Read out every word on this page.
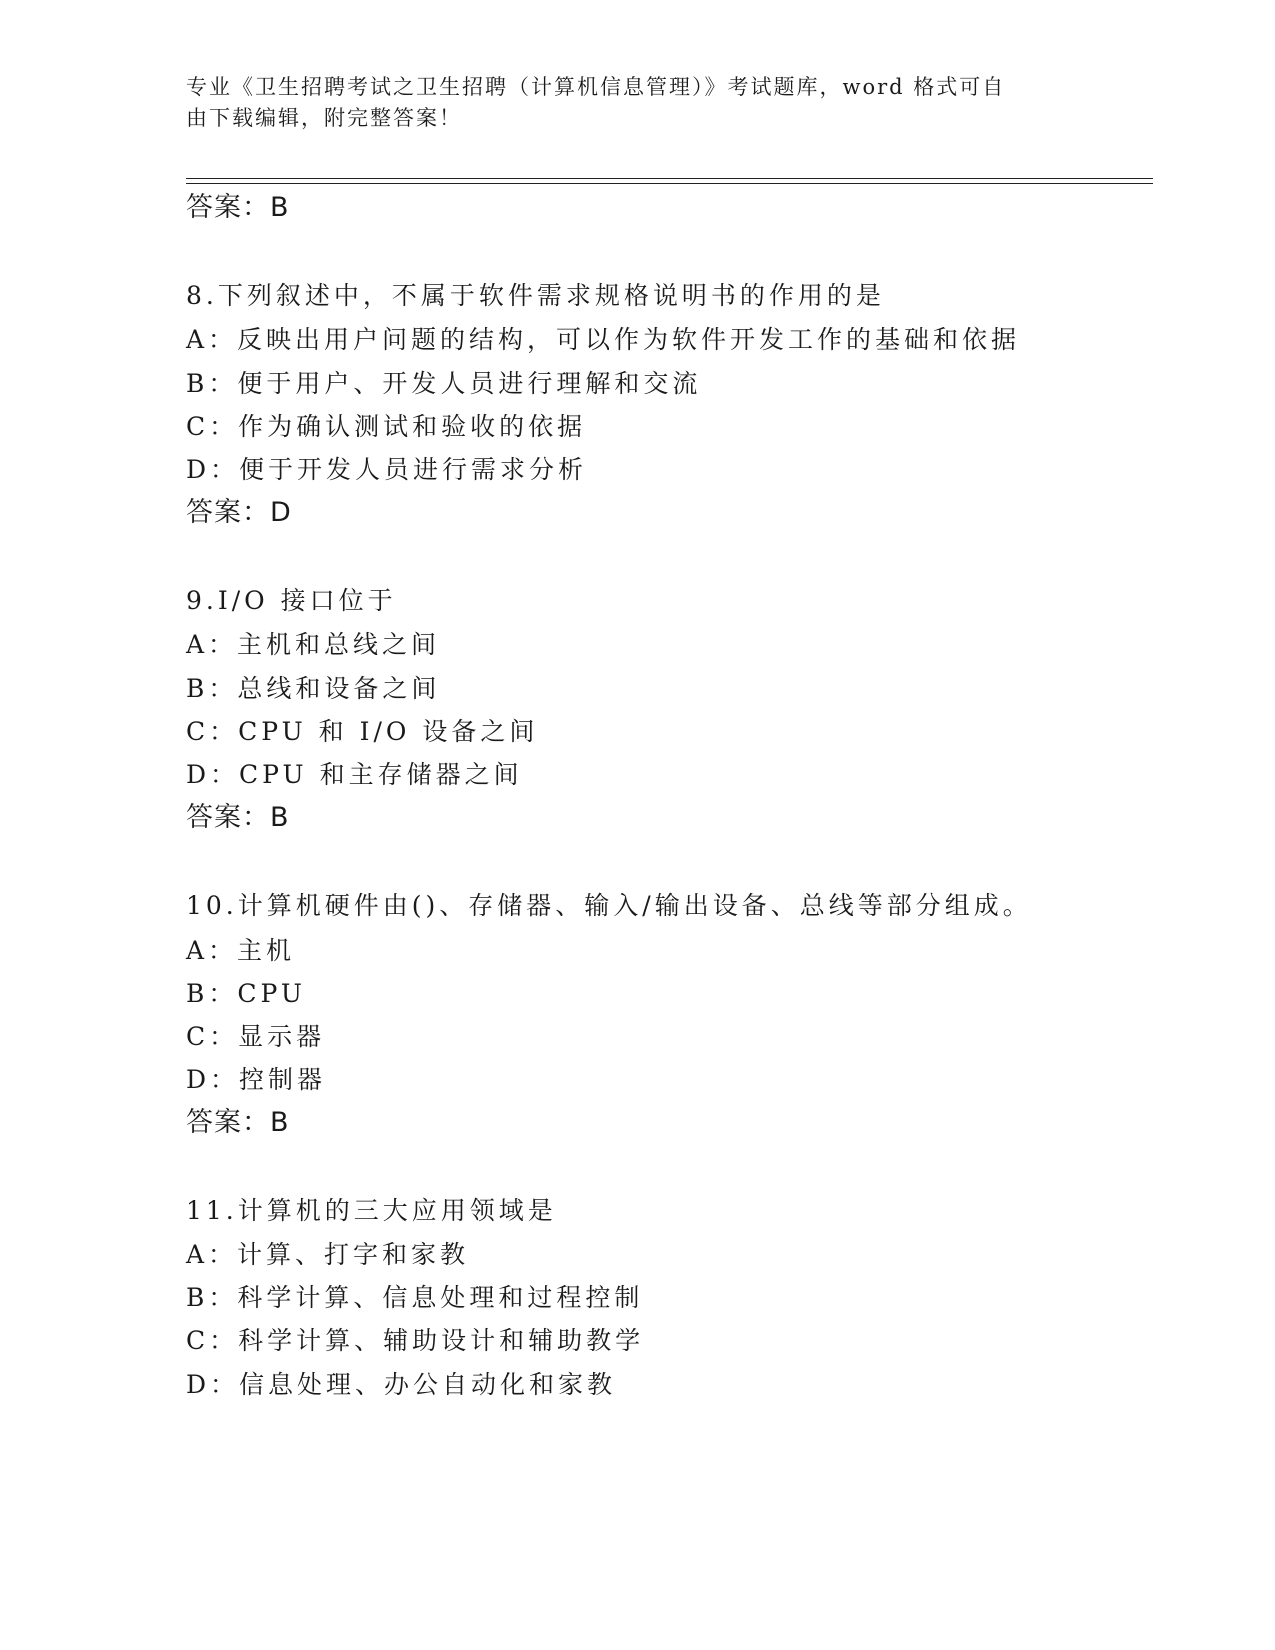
专业《卫生招聘考试之卫生招聘（计算机信息管理）》考试题库，word 格式可自
由下载编辑，附完整答案！
答案：B
8.下列叙述中，不属于软件需求规格说明书的作用的是
A：反映出用户问题的结构，可以作为软件开发工作的基础和依据
B：便于用户、开发人员进行理解和交流
C：作为确认测试和验收的依据
D：便于开发人员进行需求分析
答案：D
9.I/O 接口位于
A：主机和总线之间
B：总线和设备之间
C：CPU 和 I/O 设备之间
D：CPU 和主存储器之间
答案：B
10.计算机硬件由()、存储器、输入/输出设备、总线等部分组成。
A：主机
B：CPU
C：显示器
D：控制器
答案：B
11.计算机的三大应用领域是
A：计算、打字和家教
B：科学计算、信息处理和过程控制
C：科学计算、辅助设计和辅助教学
D：信息处理、办公自动化和家教
